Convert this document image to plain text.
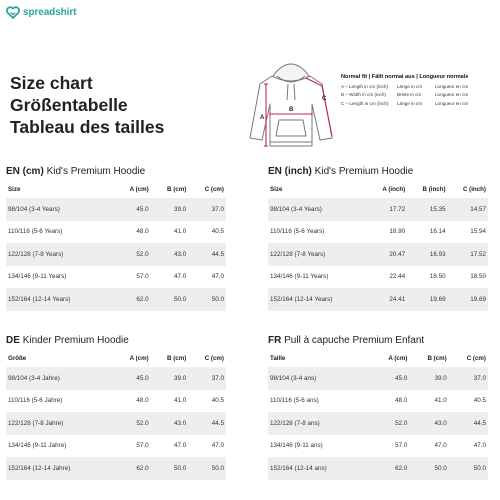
spreadshirt
Size chart
Größentabelle
Tableau des tailles	A
B
C
Normal fit | Fällt normal aus | Longueur normale
A – Length in cm (inch)	Länge in cm	Longueur en cm
B – Width in cm (inch)	Breite in cm	Longueur en cm
C – Length in cm (inch)	Länge in cm	Longueur en cm
EN (cm) Kid's Premium Hoodie
Size	A (cm)	B (cm)	C (cm)
98/104 (3-4 Years)	45.0	39.0	37.0
110/116 (5-6 Years)	48.0	41.0	40.5
122/128 (7-8 Years)	52.0	43.0	44.5
134/146 (9-11 Years)	57.0	47.0	47.0
152/164 (12-14 Years)	62.0	50.0	50.0
EN (inch) Kid's Premium Hoodie
Size	A (inch)	B (inch)	C (inch)
98/104 (3-4 Years)	17.72	15.35	14.57
110/116 (5-6 Years)	18.90	16.14	15.94
122/128 (7-8 Years)	20.47	16.93	17.52
134/146 (9-11 Years)	22.44	18.50	18.50
152/164 (12-14 Years)	24.41	19.69	19.69
DE Kinder Premium Hoodie
Größe	A (cm)	B (cm)	C (cm)
98/104 (3-4 Jahre)	45.0	39.0	37.0
110/116 (5-6 Jahre)	48.0	41.0	40.5
122/128 (7-8 Jahre)	52.0	43.0	44.5
134/146 (9-11 Jahre)	57.0	47.0	47.0
152/164 (12-14 Jahre)	62.0	50.0	50.0
FR Pull à capuche Premium Enfant
Taille	A (cm)	B (cm)	C (cm)
98/104 (3-4 ans)	45.0	39.0	37.0
110/116 (5-6 ans)	48.0	41.0	40.5
122/128 (7-8 ans)	52.0	43.0	44.5
134/146 (9-11 ans)	57.0	47.0	47.0
152/164 (12-14 ans)	62.0	50.0	50.0
